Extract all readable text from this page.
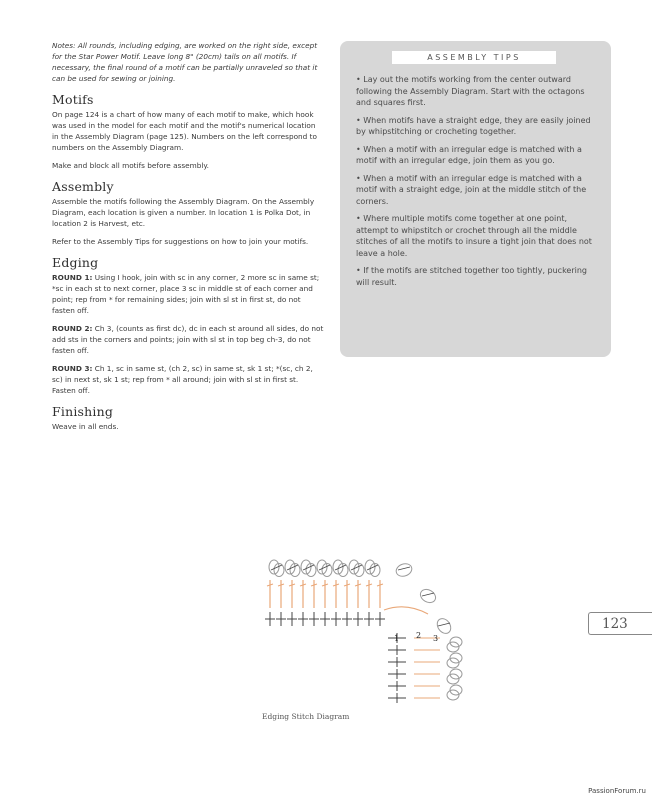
Notes: All rounds, including edging, are worked on the right side, except for the Star Power Motif. Leave long 8" (20cm) tails on all motifs. If necessary, the final round of a motif can be partially unraveled so that it can be used for sewing or joining.

Motifs

On page 124 is a chart of how many of each motif to make, which hook was used in the model for each motif and the motif's numerical location in the Assembly Diagram (page 125). Numbers on the left correspond to numbers on the Assembly Diagram.

Make and block all motifs before assembly.

Assembly

Assemble the motifs following the Assembly Diagram. On the Assembly Diagram, each location is given a number. In location 1 is Polka Dot, in location 2 is Harvest, etc.

Refer to the Assembly Tips for suggestions on how to join your motifs.

Edging

ROUND 1: Using I hook, join with sc in any corner, 2 more sc in same st; *sc in each st to next corner, place 3 sc in middle st of each corner and point; rep from * for remaining sides; join with sl st in first st, do not fasten off.

ROUND 2: Ch 3, (counts as first dc), dc in each st around all sides, do not add sts in the corners and points; join with sl st in top beg ch-3, do not fasten off.

ROUND 3: Ch 1, sc in same st, (ch 2, sc) in same st, sk 1 st; *(sc, ch 2, sc) in next st, sk 1 st; rep from * all around; join with sl st in first st. Fasten off.

Finishing

Weave in all ends.

ASSEMBLY TIPS
• Lay out the motifs working from the center outward following the Assembly Diagram. Start with the octagons and squares first.
• When motifs have a straight edge, they are easily joined by whipstitching or crocheting together.
• When a motif with an irregular edge is matched with a motif with an irregular edge, join them as you go.
• When a motif with an irregular edge is matched with a motif with a straight edge, join at the middle stitch of the corners.
• Where multiple motifs come together at one point, attempt to whipstitch or crochet through all the middle stitches of all the motifs to insure a tight join that does not leave a hole.
• If the motifs are stitched together too tightly, puckering will result.
123
1 2 3
Edging Stitch Diagram
PassionForum.ru
